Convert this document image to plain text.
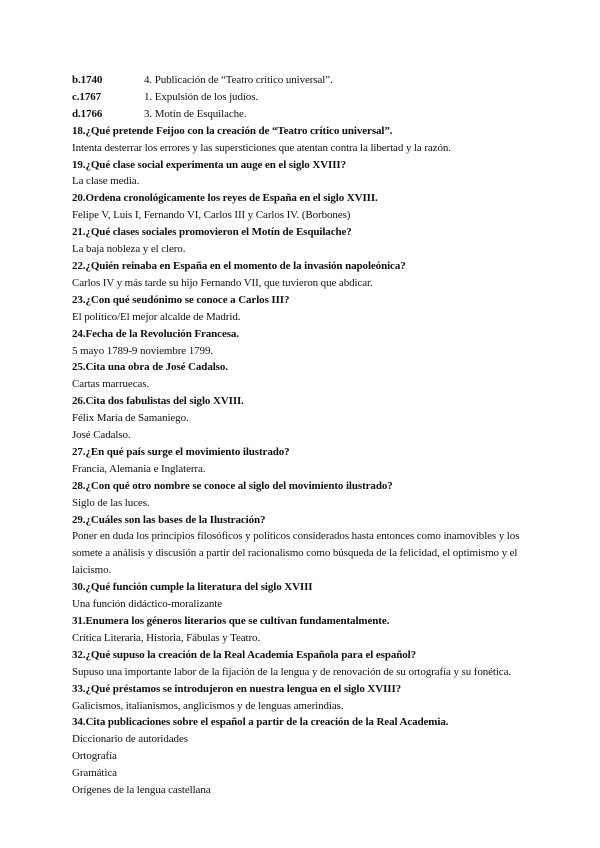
b.1740	4. Publicación de “Teatro crítico universal”.
c.1767	1. Expulsión de los judíos.
d.1766	3. Motín de Esquilache.
18.¿Qué pretende Feijoo con la creación de “Teatro crítico universal”.
Intenta desterrar los errores y las supersticiones que atentan contra la libertad y la razón.
19.¿Qué clase social experimenta un auge en el siglo XVIII?
La clase media.
20.Ordena cronológicamente los reyes de España en el siglo XVIII.
Felipe V, Luis I, Fernando VI, Carlos III y Carlos IV. (Borbones)
21.¿Qué clases sociales promovieron el Motín de Esquilache?
La baja nobleza y el clero.
22.¿Quién reinaba en España en el momento de la invasión napoleónica?
Carlos IV y más tarde su hijo Fernando VII, que tuvieron que abdicar.
23.¿Con qué seudónimo se conoce a Carlos III?
El político/El mejor alcalde de Madrid.
24.Fecha de la Revolución Francesa.
5 mayo 1789-9 noviembre 1799.
25.Cita una obra de José Cadalso.
Cartas marruecas.
26.Cita dos fabulistas del siglo XVIII.
Félix María de Samaniego.
José Cadalso.
27.¿En qué país surge el movimiento ilustrado?
Francia, Alemania e Inglaterra.
28.¿Con qué otro nombre se conoce al siglo del movimiento ilustrado?
Siglo de las luces.
29.¿Cuáles son las bases de la Ilustración?
Poner en duda los principios filosóficos y políticos considerados hasta entonces como inamovibles y los somete a análisis y discusión a partir del racionalismo como búsqueda de la felicidad, el optimismo y el laicismo.
30.¿Qué función cumple la literatura del siglo XVIII
Una función didáctico-moralizante
31.Enumera los géneros literarios que se cultivan fundamentalmente.
Crítica Literaria, Historia, Fábulas y Teatro.
32.¿Qué supuso la creación de la Real Academia Española para el español?
Supuso una importante labor de la fijación de la lengua y de renovación de su ortografía y su fonética.
33.¿Qué préstamos se introdujeron en nuestra lengua en el siglo XVIII?
Galicismos, italianismos, anglicismos y de lenguas amerindias.
34.Cita publicaciones sobre el español a partir de la creación de la Real Academia.
Diccionario de autoridades
Ortografía
Gramática
Orígenes de la lengua castellana
